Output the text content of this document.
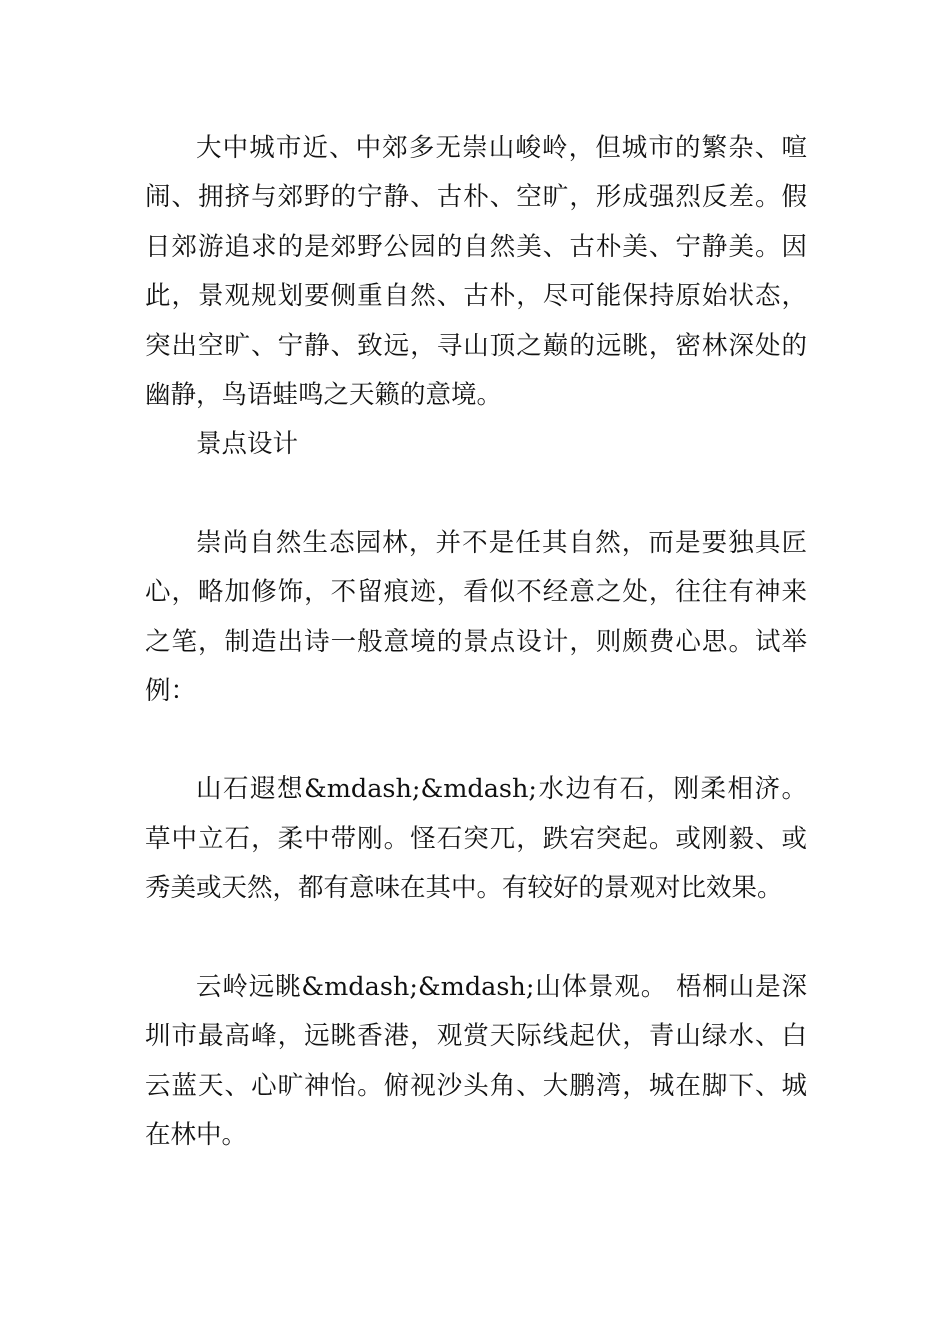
大中城市近、中郊多无崇山峻岭，但城市的繁杂、喧闹、拥挤与郊野的宁静、古朴、空旷，形成强烈反差。假日郊游追求的是郊野公园的自然美、古朴美、宁静美。因此，景观规划要侧重自然、古朴，尽可能保持原始状态，突出空旷、宁静、致远，寻山顶之巅的远眺，密林深处的幽静，鸟语蛙鸣之天籁的意境。

景点设计

崇尚自然生态园林，并不是任其自然，而是要独具匠心，略加修饰，不留痕迹，看似不经意之处，往往有神来之笔，制造出诗一般意境的景点设计，则颇费心思。试举例：

山石遐想&mdash;&mdash;水边有石，刚柔相济。草中立石，柔中带刚。怪石突兀，跌宕突起。或刚毅、或秀美或天然，都有意味在其中。有较好的景观对比效果。

云岭远眺&mdash;&mdash;山体景观。 梧桐山是深圳市最高峰，远眺香港，观赏天际线起伏，青山绿水、白云蓝天、心旷神怡。俯视沙头角、大鹏湾，城在脚下、城在林中。
